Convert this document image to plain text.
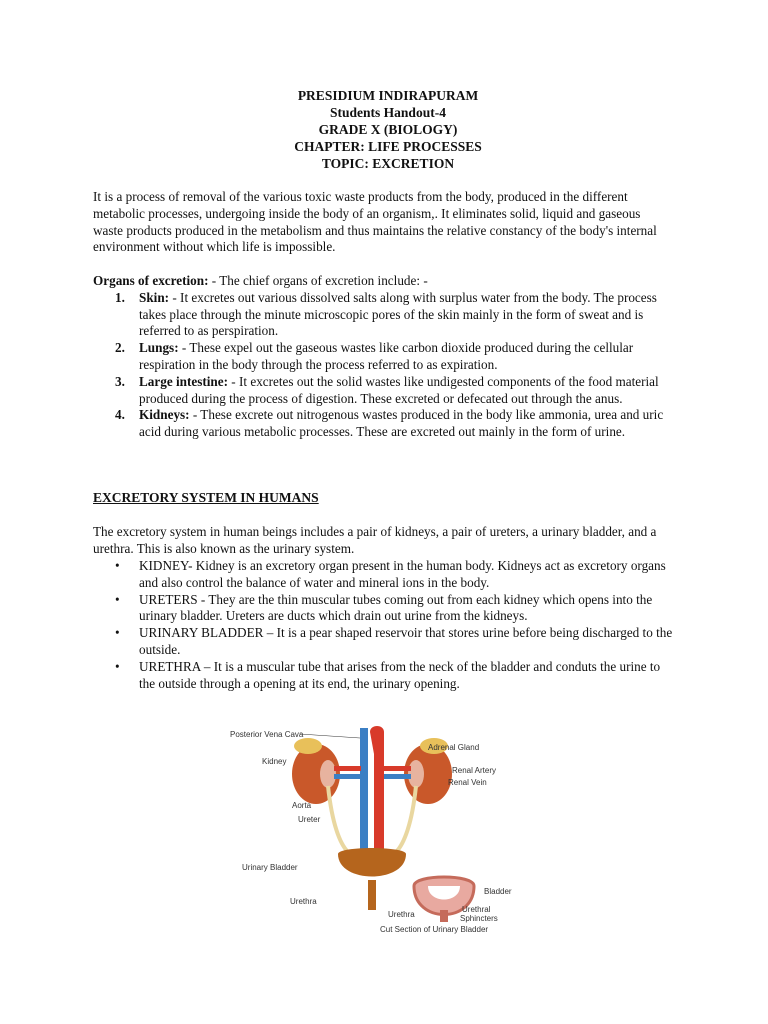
PRESIDIUM INDIRAPURAM
Students Handout-4
GRADE X (BIOLOGY)
CHAPTER: LIFE PROCESSES
TOPIC: EXCRETION
It is a process of removal of the various toxic waste products from the body, produced in the different metabolic processes, undergoing inside the body of an organism,. It eliminates solid, liquid and gaseous waste products produced in the metabolism and thus maintains the relative constancy of the body's internal environment without which life is impossible.
Organs of excretion: - The chief organs of excretion include: -
1. Skin: - It excretes out various dissolved salts along with surplus water from the body. The process takes place through the minute microscopic pores of the skin mainly in the form of sweat and is referred to as perspiration.
2. Lungs: - These expel out the gaseous wastes like carbon dioxide produced during the cellular respiration in the body through the process referred to as expiration.
3. Large intestine: - It excretes out the solid wastes like undigested components of the food material produced during the process of digestion. These excreted or defecated out through the anus.
4. Kidneys: - These excrete out nitrogenous wastes produced in the body like ammonia, urea and uric acid during various metabolic processes. These are excreted out mainly in the form of urine.
EXCRETORY SYSTEM IN HUMANS
The excretory system in human beings includes a pair of kidneys, a pair of ureters, a urinary bladder, and a urethra. This is also known as the urinary system.
• KIDNEY- Kidney is an excretory organ present in the human body. Kidneys act as excretory organs and also control the balance of water and mineral ions in the body.
• URETERS - They are the thin muscular tubes coming out from each kidney which opens into the urinary bladder. Ureters are ducts which drain out urine from the kidneys.
• URINARY BLADDER – It is a pear shaped reservoir that stores urine before being discharged to the outside.
• URETHRA – It is a muscular tube that arises from the neck of the bladder and conduts the urine to the outside through a opening at its end, the urinary opening.
Posterior Vena Cava
Adrenal Gland
Kidney
Renal Artery
Renal Vein
Aorta
Ureter
Urinary Bladder
Urethra
Bladder
Urethra
Urethral
Sphincters
Cut Section of Urinary Bladder
